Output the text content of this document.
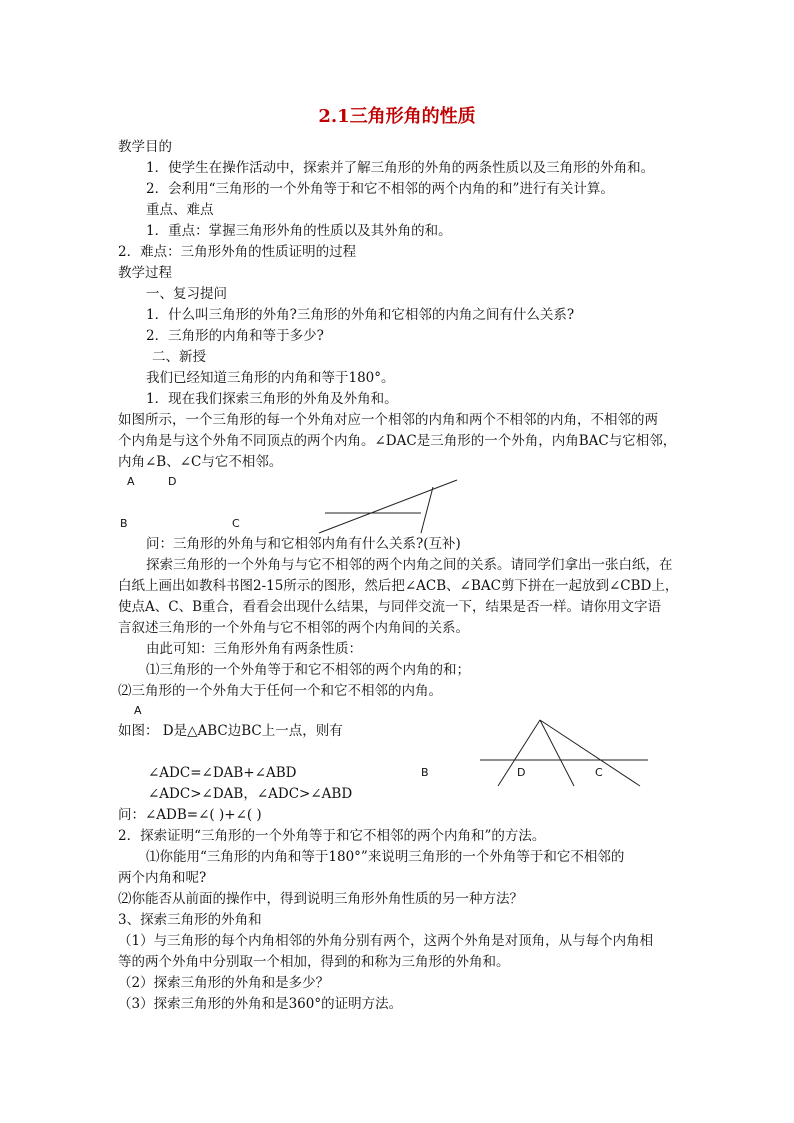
2.1三角形角的性质
教学目的
1．使学生在操作活动中，探索并了解三角形的外角的两条性质以及三角形的外角和。
2．会利用“三角形的一个外角等于和它不相邻的两个内角的和”进行有关计算。
重点、难点
1．重点：掌握三角形外角的性质以及其外角的和。
2．难点：三角形外角的性质证明的过程
教学过程
一、复习提问
1．什么叫三角形的外角?三角形的外角和它相邻的内角之间有什么关系?
2．三角形的内角和等于多少?
二、新授
我们已经知道三角形的内角和等于180°。
1．现在我们探索三角形的外角及外角和。
如图所示，一个三角形的每一个外角对应一个相邻的内角和两个不相邻的内角，不相邻的两
个内角是与这个外角不同顶点的两个内角。∠DAC是三角形的一个外角，内角BAC与它相邻，
内角∠B、∠C与它不相邻。
A	D
B	C
问：三角形的外角与和它相邻内角有什么关系?(互补)
探索三角形的一个外角与与它不相邻的两个内角之间的关系。请同学们拿出一张白纸，在
白纸上画出如教科书图2-15所示的图形，然后把∠ACB、∠BAC剪下拼在一起放到∠CBD上，
使点A、C、B重合，看看会出现什么结果，与同伴交流一下，结果是否一样。请你用文字语
言叙述三角形的一个外角与它不相邻的两个内角间的关系。
由此可知：三角形外角有两条性质：
⑴三角形的一个外角等于和它不相邻的两个内角的和；
⑵三角形的一个外角大于任何一个和它不相邻的内角。
A
B	D	C
如图： D是△ABC边BC上一点，则有
∠ADC=∠DAB+∠ABD
∠ADC>∠DAB，∠ADC>∠ABD
问：∠ADB=∠( )+∠( )
2．探索证明“三角形的一个外角等于和它不相邻的两个内角和”的方法。
⑴你能用“三角形的内角和等于180°”来说明三角形的一个外角等于和它不相邻的
两个内角和呢?
⑵你能否从前面的操作中，得到说明三角形外角性质的另一种方法？
3、探索三角形的外角和
（1）与三角形的每个内角相邻的外角分别有两个，这两个外角是对顶角，从与每个内角相
等的两个外角中分别取一个相加，得到的和称为三角形的外角和。
（2）探索三角形的外角和是多少？
（3）探索三角形的外角和是360°的证明方法。
